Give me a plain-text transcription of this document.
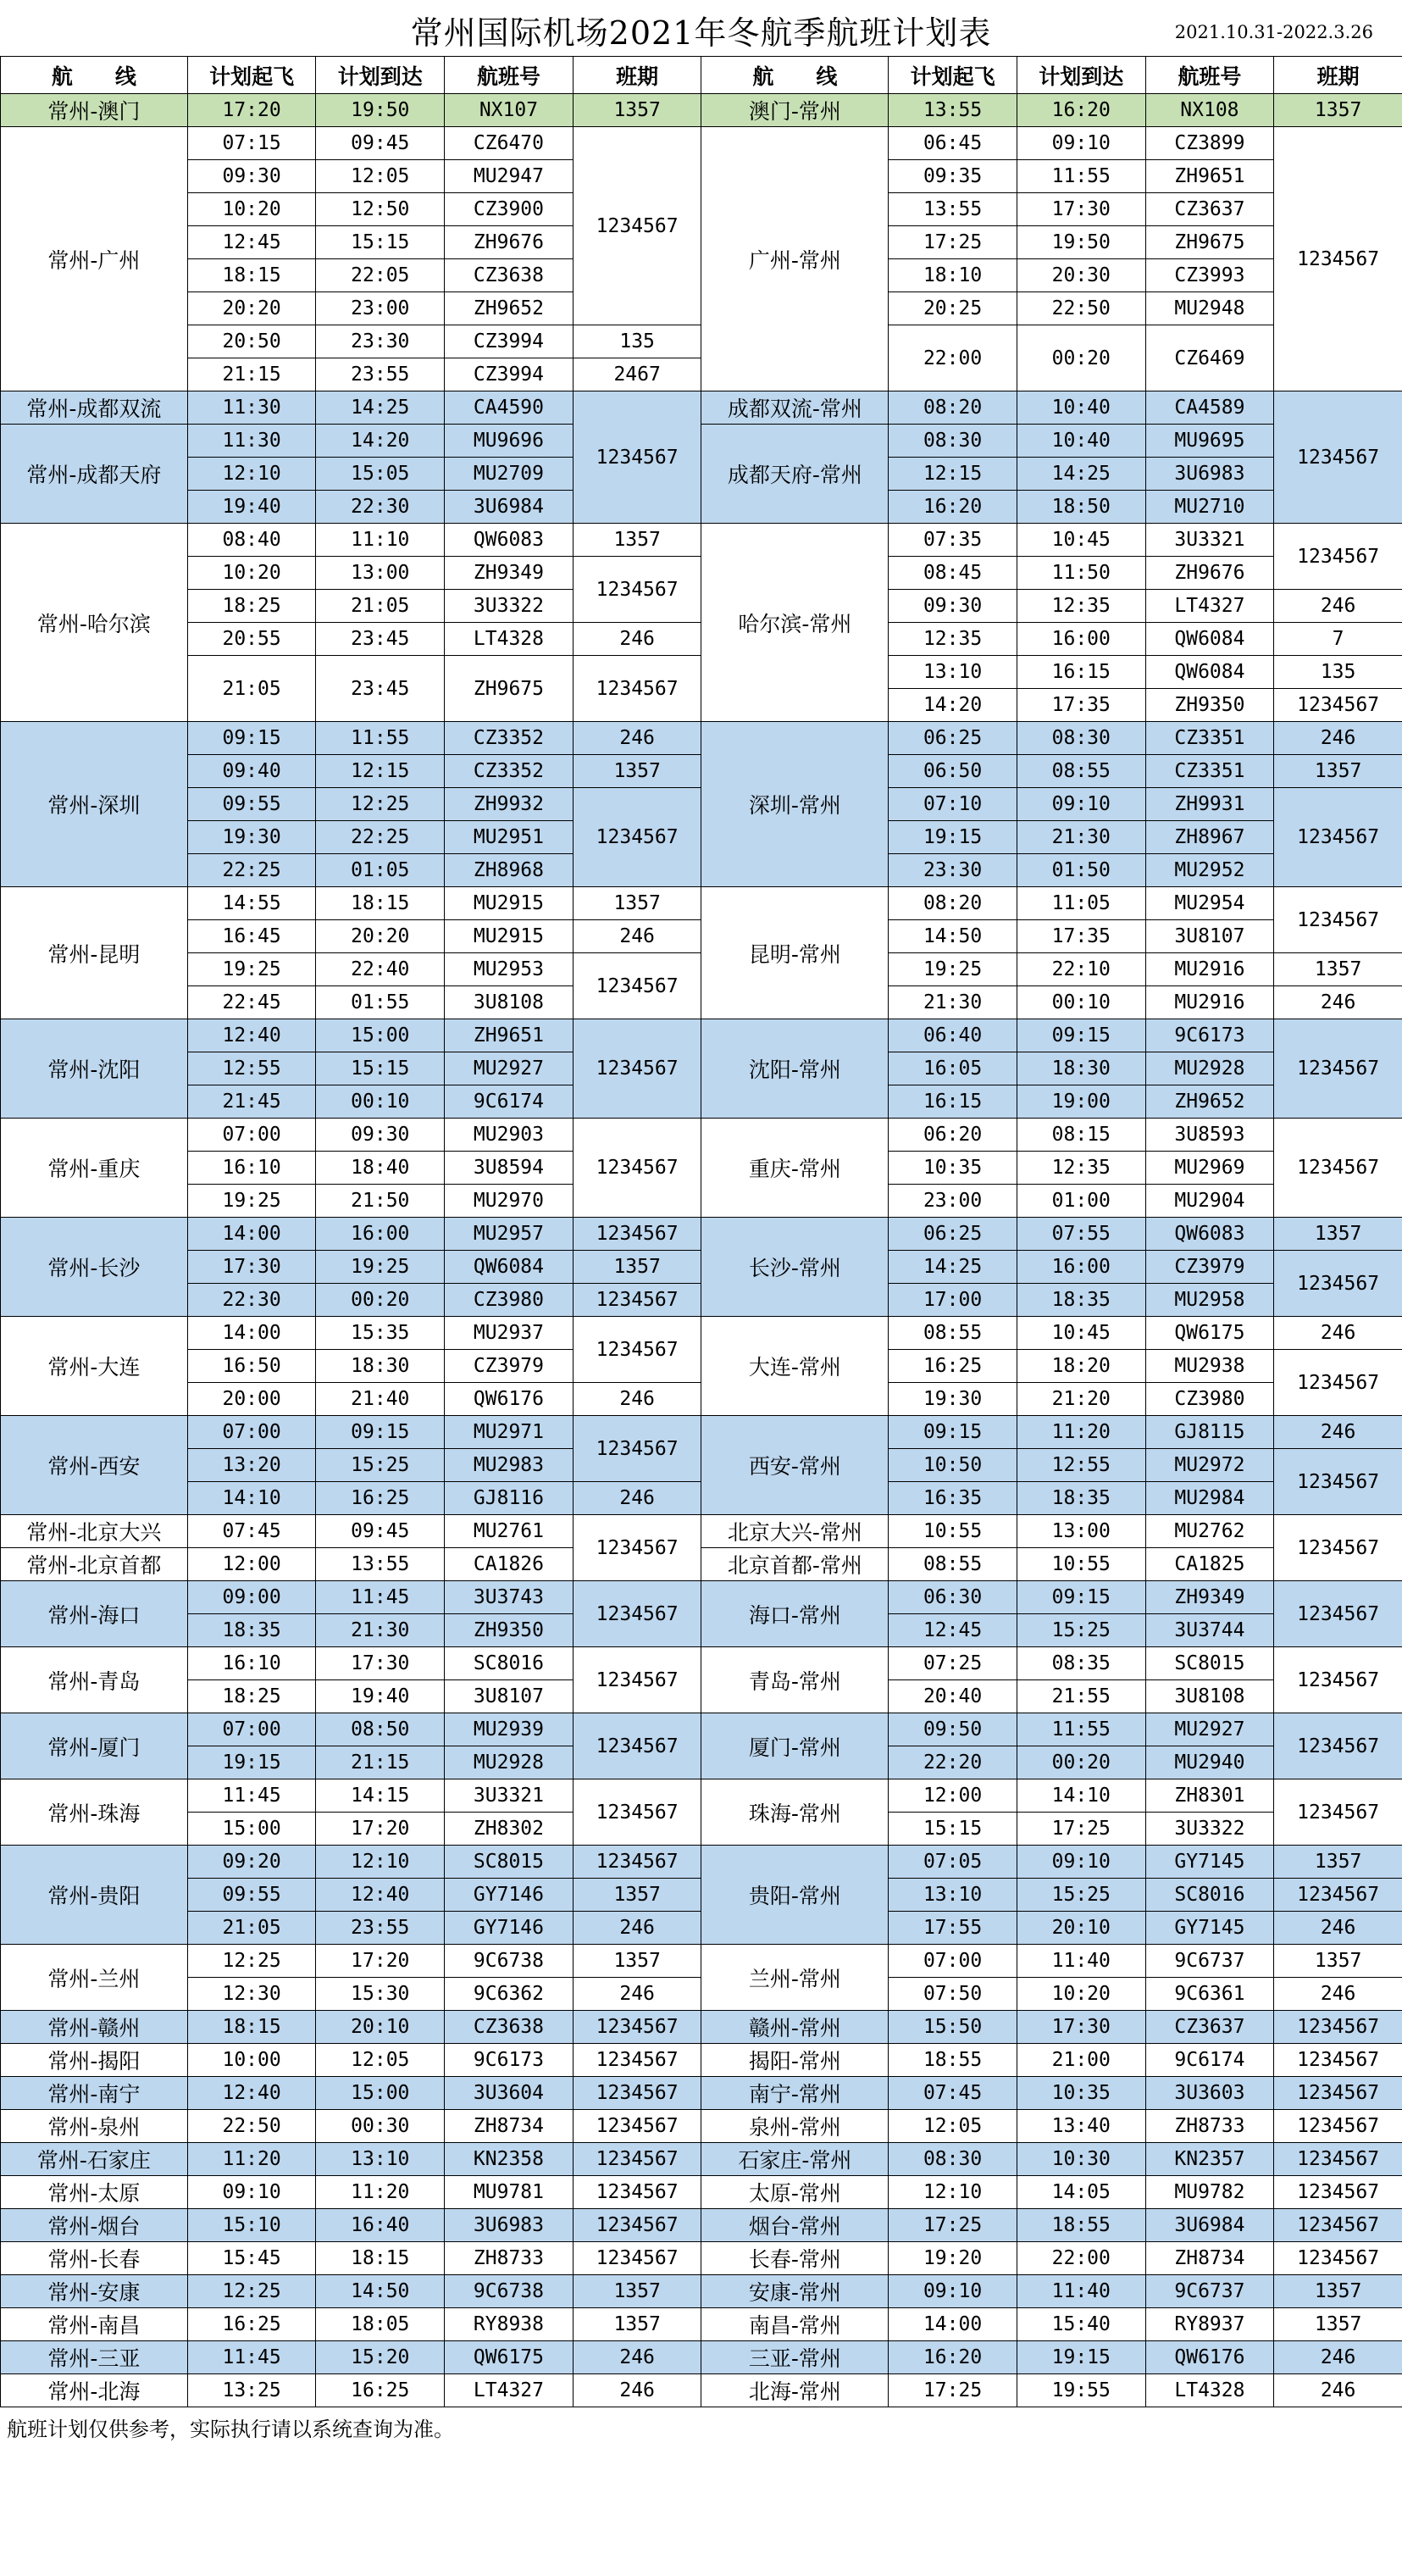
常州国际机场2021年冬航季航班计划表	2021.10.31-2022.3.26
航　　线	计划起飞	计划到达	航班号	班期	航　　线	计划起飞	计划到达	航班号	班期
常州-澳门	17:20	19:50	NX107	1357	澳门-常州	13:55	16:20	NX108	1357
常州-广州	07:15	09:45	CZ6470	1234567	广州-常州	06:45	09:10	CZ3899	1234567
	09:30	12:05	MU2947			09:35	11:55	ZH9651	
	10:20	12:50	CZ3900			13:55	17:30	CZ3637	
	12:45	15:15	ZH9676			17:25	19:50	ZH9675	
	18:15	22:05	CZ3638			18:10	20:30	CZ3993	
	20:20	23:00	ZH9652			20:25	22:50	MU2948	
	20:50	23:30	CZ3994	135		22:00	00:20	CZ6469	
	21:15	23:55	CZ3994	2467					
常州-成都双流	11:30	14:25	CA4590	1234567	成都双流-常州	08:20	10:40	CA4589	1234567
常州-成都天府	11:30	14:20	MU9696		成都天府-常州	08:30	10:40	MU9695	
	12:10	15:05	MU2709			12:15	14:25	3U6983	
	19:40	22:30	3U6984			16:20	18:50	MU2710	
常州-哈尔滨	08:40	11:10	QW6083	1357	哈尔滨-常州	07:35	10:45	3U3321	1234567
	10:20	13:00	ZH9349	1234567		08:45	11:50	ZH9676	
	18:25	21:05	3U3322			09:30	12:35	LT4327	246
	20:55	23:45	LT4328	246		12:35	16:00	QW6084	7
	21:05	23:45	ZH9675	1234567		13:10	16:15	QW6084	135
						14:20	17:35	ZH9350	1234567
常州-深圳	09:15	11:55	CZ3352	246	深圳-常州	06:25	08:30	CZ3351	246
	09:40	12:15	CZ3352	1357		06:50	08:55	CZ3351	1357
	09:55	12:25	ZH9932	1234567		07:10	09:10	ZH9931	1234567
	19:30	22:25	MU2951			19:15	21:30	ZH8967	
	22:25	01:05	ZH8968			23:30	01:50	MU2952	
常州-昆明	14:55	18:15	MU2915	1357	昆明-常州	08:20	11:05	MU2954	1234567
	16:45	20:20	MU2915	246		14:50	17:35	3U8107	
	19:25	22:40	MU2953	1234567		19:25	22:10	MU2916	1357
	22:45	01:55	3U8108			21:30	00:10	MU2916	246
常州-沈阳	12:40	15:00	ZH9651	1234567	沈阳-常州	06:40	09:15	9C6173	1234567
	12:55	15:15	MU2927			16:05	18:30	MU2928	
	21:45	00:10	9C6174			16:15	19:00	ZH9652	
常州-重庆	07:00	09:30	MU2903	1234567	重庆-常州	06:20	08:15	3U8593	1234567
	16:10	18:40	3U8594			10:35	12:35	MU2969	
	19:25	21:50	MU2970			23:00	01:00	MU2904	
常州-长沙	14:00	16:00	MU2957	1234567	长沙-常州	06:25	07:55	QW6083	1357
	17:30	19:25	QW6084	1357		14:25	16:00	CZ3979	1234567
	22:30	00:20	CZ3980	1234567		17:00	18:35	MU2958	
常州-大连	14:00	15:35	MU2937	1234567	大连-常州	08:55	10:45	QW6175	246
	16:50	18:30	CZ3979			16:25	18:20	MU2938	1234567
	20:00	21:40	QW6176	246		19:30	21:20	CZ3980	
常州-西安	07:00	09:15	MU2971	1234567	西安-常州	09:15	11:20	GJ8115	246
	13:20	15:25	MU2983			10:50	12:55	MU2972	1234567
	14:10	16:25	GJ8116	246		16:35	18:35	MU2984	
常州-北京大兴	07:45	09:45	MU2761	1234567	北京大兴-常州	10:55	13:00	MU2762	1234567
常州-北京首都	12:00	13:55	CA1826		北京首都-常州	08:55	10:55	CA1825	
常州-海口	09:00	11:45	3U3743	1234567	海口-常州	06:30	09:15	ZH9349	1234567
	18:35	21:30	ZH9350			12:45	15:25	3U3744	
常州-青岛	16:10	17:30	SC8016	1234567	青岛-常州	07:25	08:35	SC8015	1234567
	18:25	19:40	3U8107			20:40	21:55	3U8108	
常州-厦门	07:00	08:50	MU2939	1234567	厦门-常州	09:50	11:55	MU2927	1234567
	19:15	21:15	MU2928			22:20	00:20	MU2940	
常州-珠海	11:45	14:15	3U3321	1234567	珠海-常州	12:00	14:10	ZH8301	1234567
	15:00	17:20	ZH8302			15:15	17:25	3U3322	
常州-贵阳	09:20	12:10	SC8015	1234567	贵阳-常州	07:05	09:10	GY7145	1357
	09:55	12:40	GY7146	1357		13:10	15:25	SC8016	1234567
	21:05	23:55	GY7146	246		17:55	20:10	GY7145	246
常州-兰州	12:25	17:20	9C6738	1357	兰州-常州	07:00	11:40	9C6737	1357
	12:30	15:30	9C6362	246		07:50	10:20	9C6361	246
常州-赣州	18:15	20:10	CZ3638	1234567	赣州-常州	15:50	17:30	CZ3637	1234567
常州-揭阳	10:00	12:05	9C6173	1234567	揭阳-常州	18:55	21:00	9C6174	1234567
常州-南宁	12:40	15:00	3U3604	1234567	南宁-常州	07:45	10:35	3U3603	1234567
常州-泉州	22:50	00:30	ZH8734	1234567	泉州-常州	12:05	13:40	ZH8733	1234567
常州-石家庄	11:20	13:10	KN2358	1234567	石家庄-常州	08:30	10:30	KN2357	1234567
常州-太原	09:10	11:20	MU9781	1234567	太原-常州	12:10	14:05	MU9782	1234567
常州-烟台	15:10	16:40	3U6983	1234567	烟台-常州	17:25	18:55	3U6984	1234567
常州-长春	15:45	18:15	ZH8733	1234567	长春-常州	19:20	22:00	ZH8734	1234567
常州-安康	12:25	14:50	9C6738	1357	安康-常州	09:10	11:40	9C6737	1357
常州-南昌	16:25	18:05	RY8938	1357	南昌-常州	14:00	15:40	RY8937	1357
常州-三亚	11:45	15:20	QW6175	246	三亚-常州	16:20	19:15	QW6176	246
常州-北海	13:25	16:25	LT4327	246	北海-常州	17:25	19:55	LT4328	246
航班计划仅供参考，实际执行请以系统查询为准。
